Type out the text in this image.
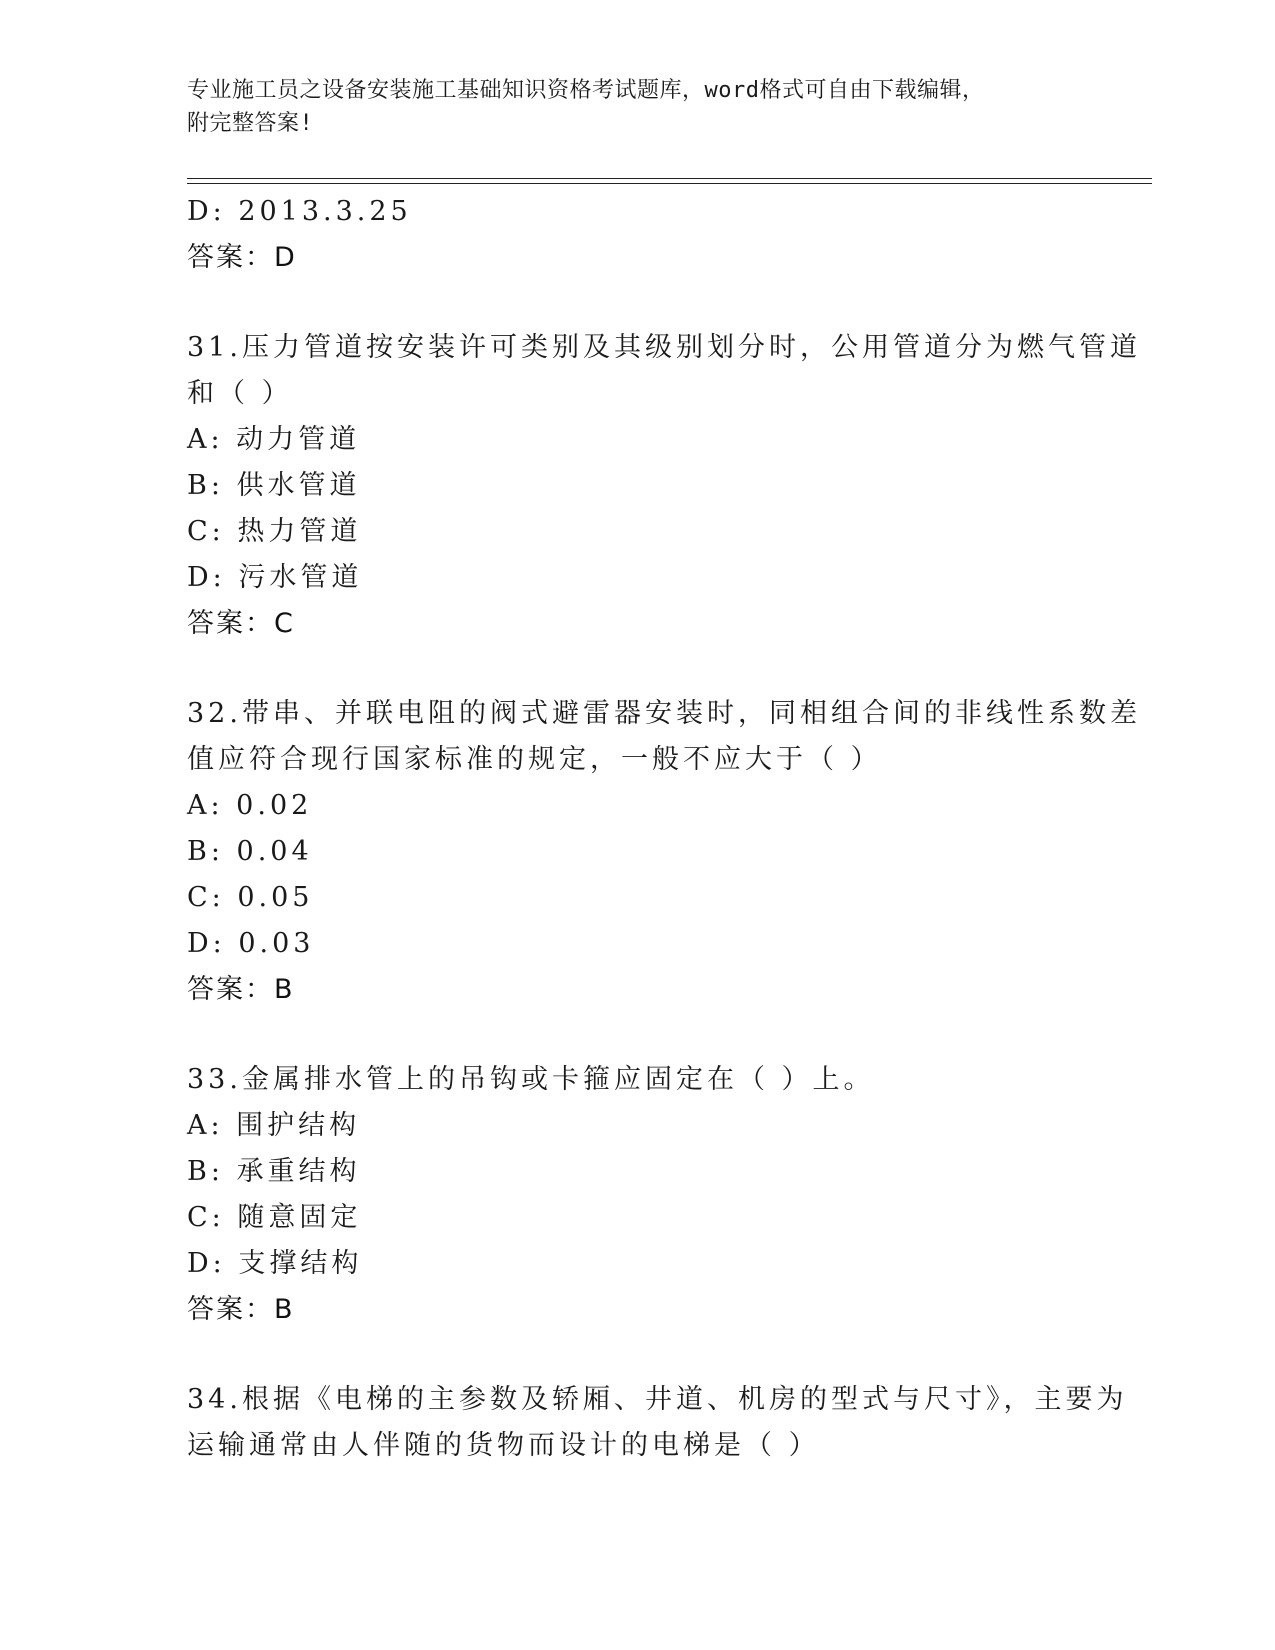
专业施工员之设备安装施工基础知识资格考试题库，word格式可自由下载编辑，
附完整答案!
D: 2013.3.25
答案：D
31.压力管道按安装许可类别及其级别划分时，公用管道分为燃气管道
和（ ）
A: 动力管道
B: 供水管道
C: 热力管道
D: 污水管道
答案：C
32.带串、并联电阻的阀式避雷器安装时，同相组合间的非线性系数差
值应符合现行国家标准的规定，一般不应大于（ ）
A: 0.02
B: 0.04
C: 0.05
D: 0.03
答案：B
33.金属排水管上的吊钩或卡箍应固定在（ ）上。
A: 围护结构
B: 承重结构
C: 随意固定
D: 支撑结构
答案：B
34.根据《电梯的主参数及轿厢、井道、机房的型式与尺寸》，主要为
运输通常由人伴随的货物而设计的电梯是（ ）
